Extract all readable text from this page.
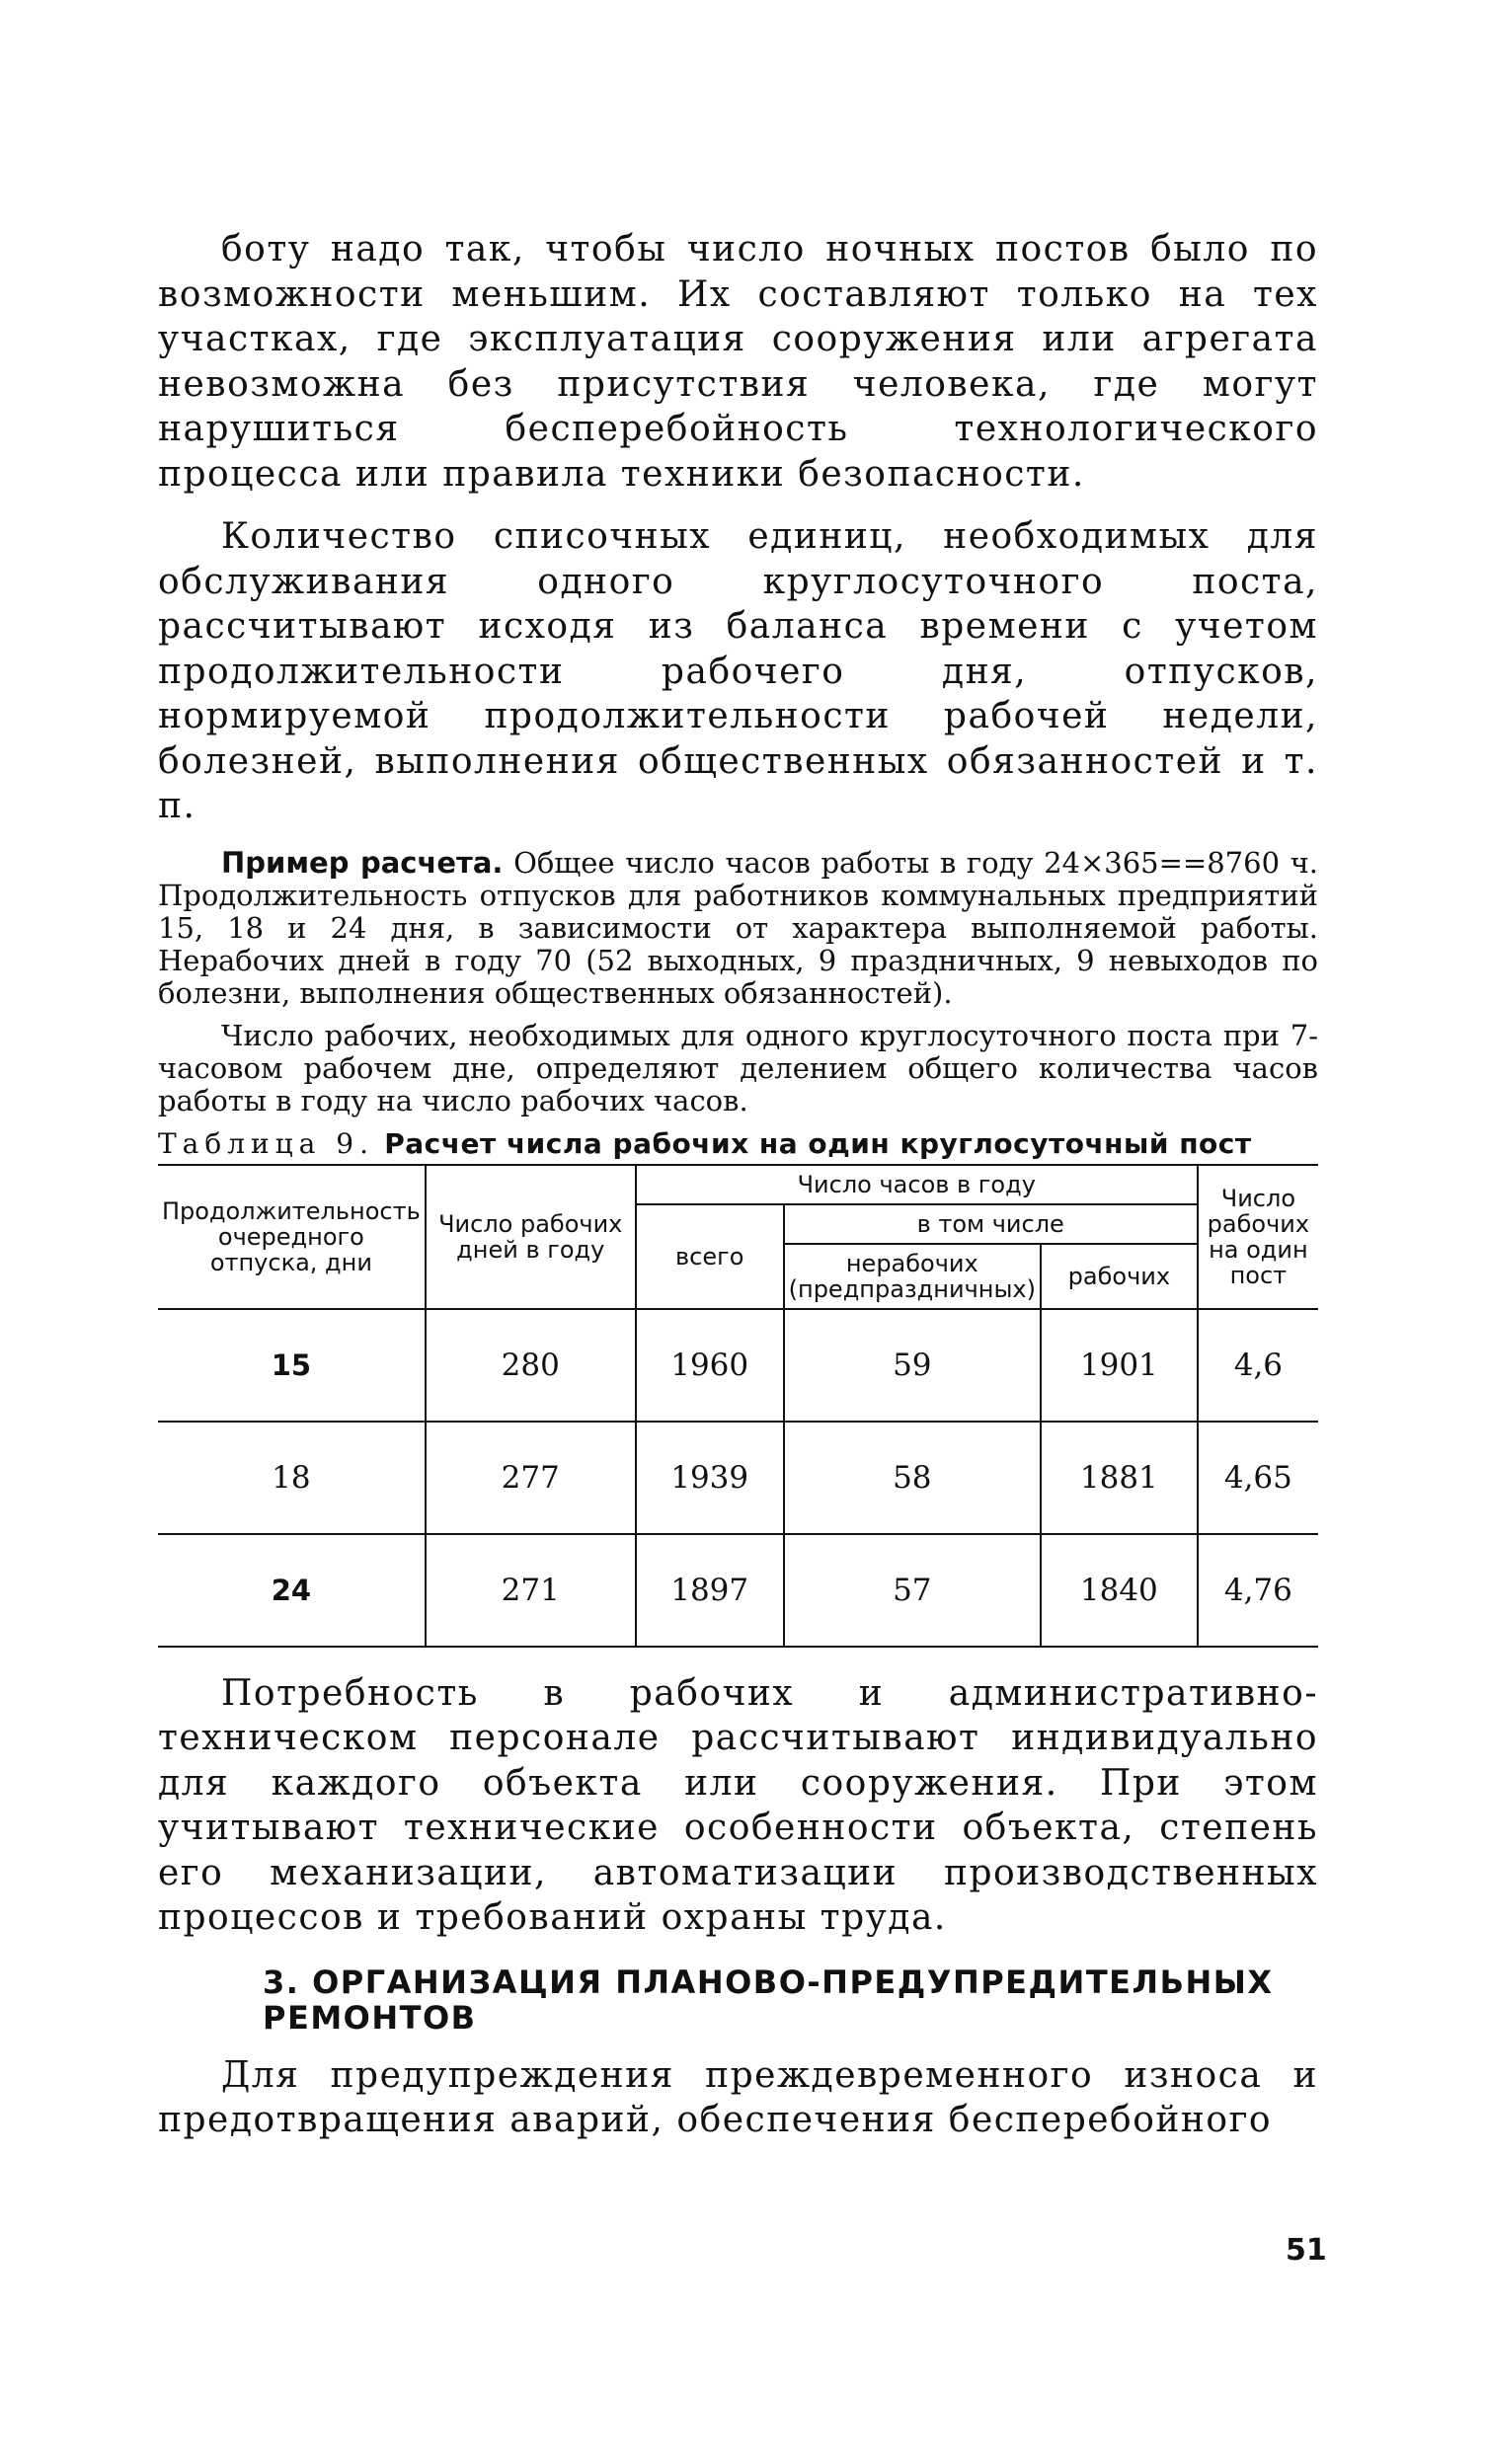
боту надо так, чтобы число ночных постов было по возможности меньшим. Их составляют только на тех участках, где эксплуатация сооружения или агрегата невозможна без присутствия человека, где могут нарушиться бесперебойность технологического процесса или правила техники безопасности.

Количество списочных единиц, необходимых для обслуживания одного круглосуточного поста, рассчитывают исходя из баланса времени с учетом продолжительности рабочего дня, отпусков, нормируемой продолжительности рабочей недели, болезней, выполнения общественных обязанностей и т. п.

Пример расчета. Общее число часов работы в году 24×365==8760 ч. Продолжительность отпусков для работников коммунальных предприятий 15, 18 и 24 дня, в зависимости от характера выполняемой работы. Нерабочих дней в году 70 (52 выходных, 9 праздничных, 9 невыходов по болезни, выполнения общественных обязанностей).

Число рабочих, необходимых для одного круглосуточного поста при 7-часовом рабочем дне, определяют делением общего количества часов работы в году на число рабочих часов.

Таблица 9. Расчет числа рабочих на один круглосуточный пост
Продолжительность очередного отпуска, дни	Число рабочих дней в году	Число часов в году			Число рабочих на один пост
		всего	в том числе		
			нерабочих (предпраздничных)	рабочих	
15	280	1960	59	1901	4,6
18	277	1939	58	1881	4,65
24	271	1897	57	1840	4,76

Потребность в рабочих и административно-техническом персонале рассчитывают индивидуально для каждого объекта или сооружения. При этом учитывают технические особенности объекта, степень его механизации, автоматизации производственных процессов и требований охраны труда.

3. ОРГАНИЗАЦИЯ ПЛАНОВО-ПРЕДУПРЕДИТЕЛЬНЫХ РЕМОНТОВ

Для предупреждения преждевременного износа и предотвращения аварий, обеспечения бесперебойного

51
